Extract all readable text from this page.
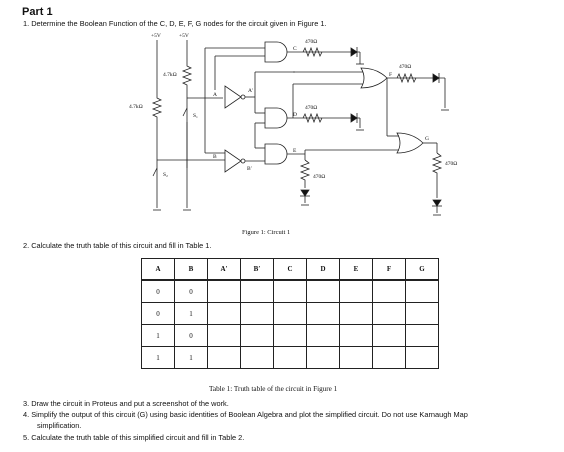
Part 1
1. Determine the Boolean Function of the C, D, E, F, G nodes for the circuit given in Figure 1.
+5V	+5V
4.7kΩ
4.7kΩ
S₁
S₂
A
A′
B
B′
C
D
E
F
G
470Ω
470Ω
470Ω
470Ω
470Ω
Figure 1: Circuit 1
2. Calculate the truth table of this circuit and fill in Table 1.
A	B	A′	B′	C	D	E	F	G
0	0							
0	1							
1	0							
1	1							
Table 1: Truth table of the circuit in Figure 1
3. Draw the circuit in Proteus and put a screenshot of the work.
4. Simplify the output of this circuit (G) using basic identities of Boolean Algebra and plot the simplified circuit. Do not use Karnaugh Map
simplification.
5. Calculate the truth table of this simplified circuit and fill in Table 2.
